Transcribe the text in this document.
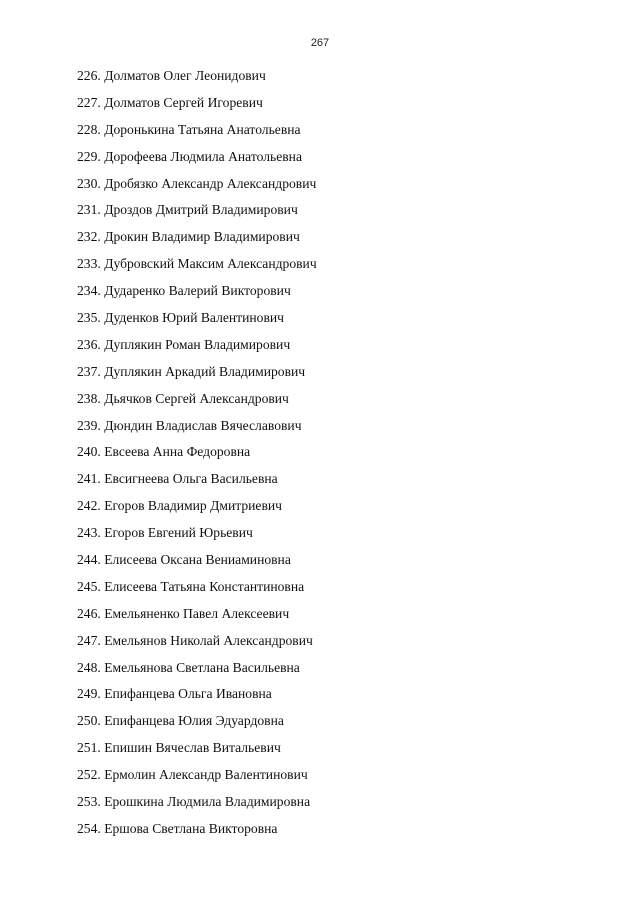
267
226. Долматов Олег Леонидович
227. Долматов Сергей Игоревич
228. Доронькина Татьяна Анатольевна
229. Дорофеева Людмила Анатольевна
230. Дробязко Александр Александрович
231. Дроздов Дмитрий Владимирович
232. Дрокин Владимир Владимирович
233. Дубровский Максим Александрович
234. Дударенко Валерий Викторович
235. Дуденков Юрий Валентинович
236. Дуплякин Роман Владимирович
237. Дуплякин Аркадий Владимирович
238. Дьячков Сергей Александрович
239. Дюндин Владислав Вячеславович
240. Евсеева Анна Федоровна
241. Евсигнеева Ольга Васильевна
242. Егоров Владимир Дмитриевич
243. Егоров Евгений Юрьевич
244. Елисеева Оксана Вениаминовна
245. Елисеева Татьяна Константиновна
246. Емельяненко Павел Алексеевич
247. Емельянов Николай Александрович
248. Емельянова Светлана Васильевна
249. Епифанцева Ольга Ивановна
250. Епифанцева Юлия Эдуардовна
251. Епишин Вячеслав Витальевич
252. Ермолин Александр Валентинович
253. Ерошкина Людмила Владимировна
254. Ершова Светлана Викторовна
